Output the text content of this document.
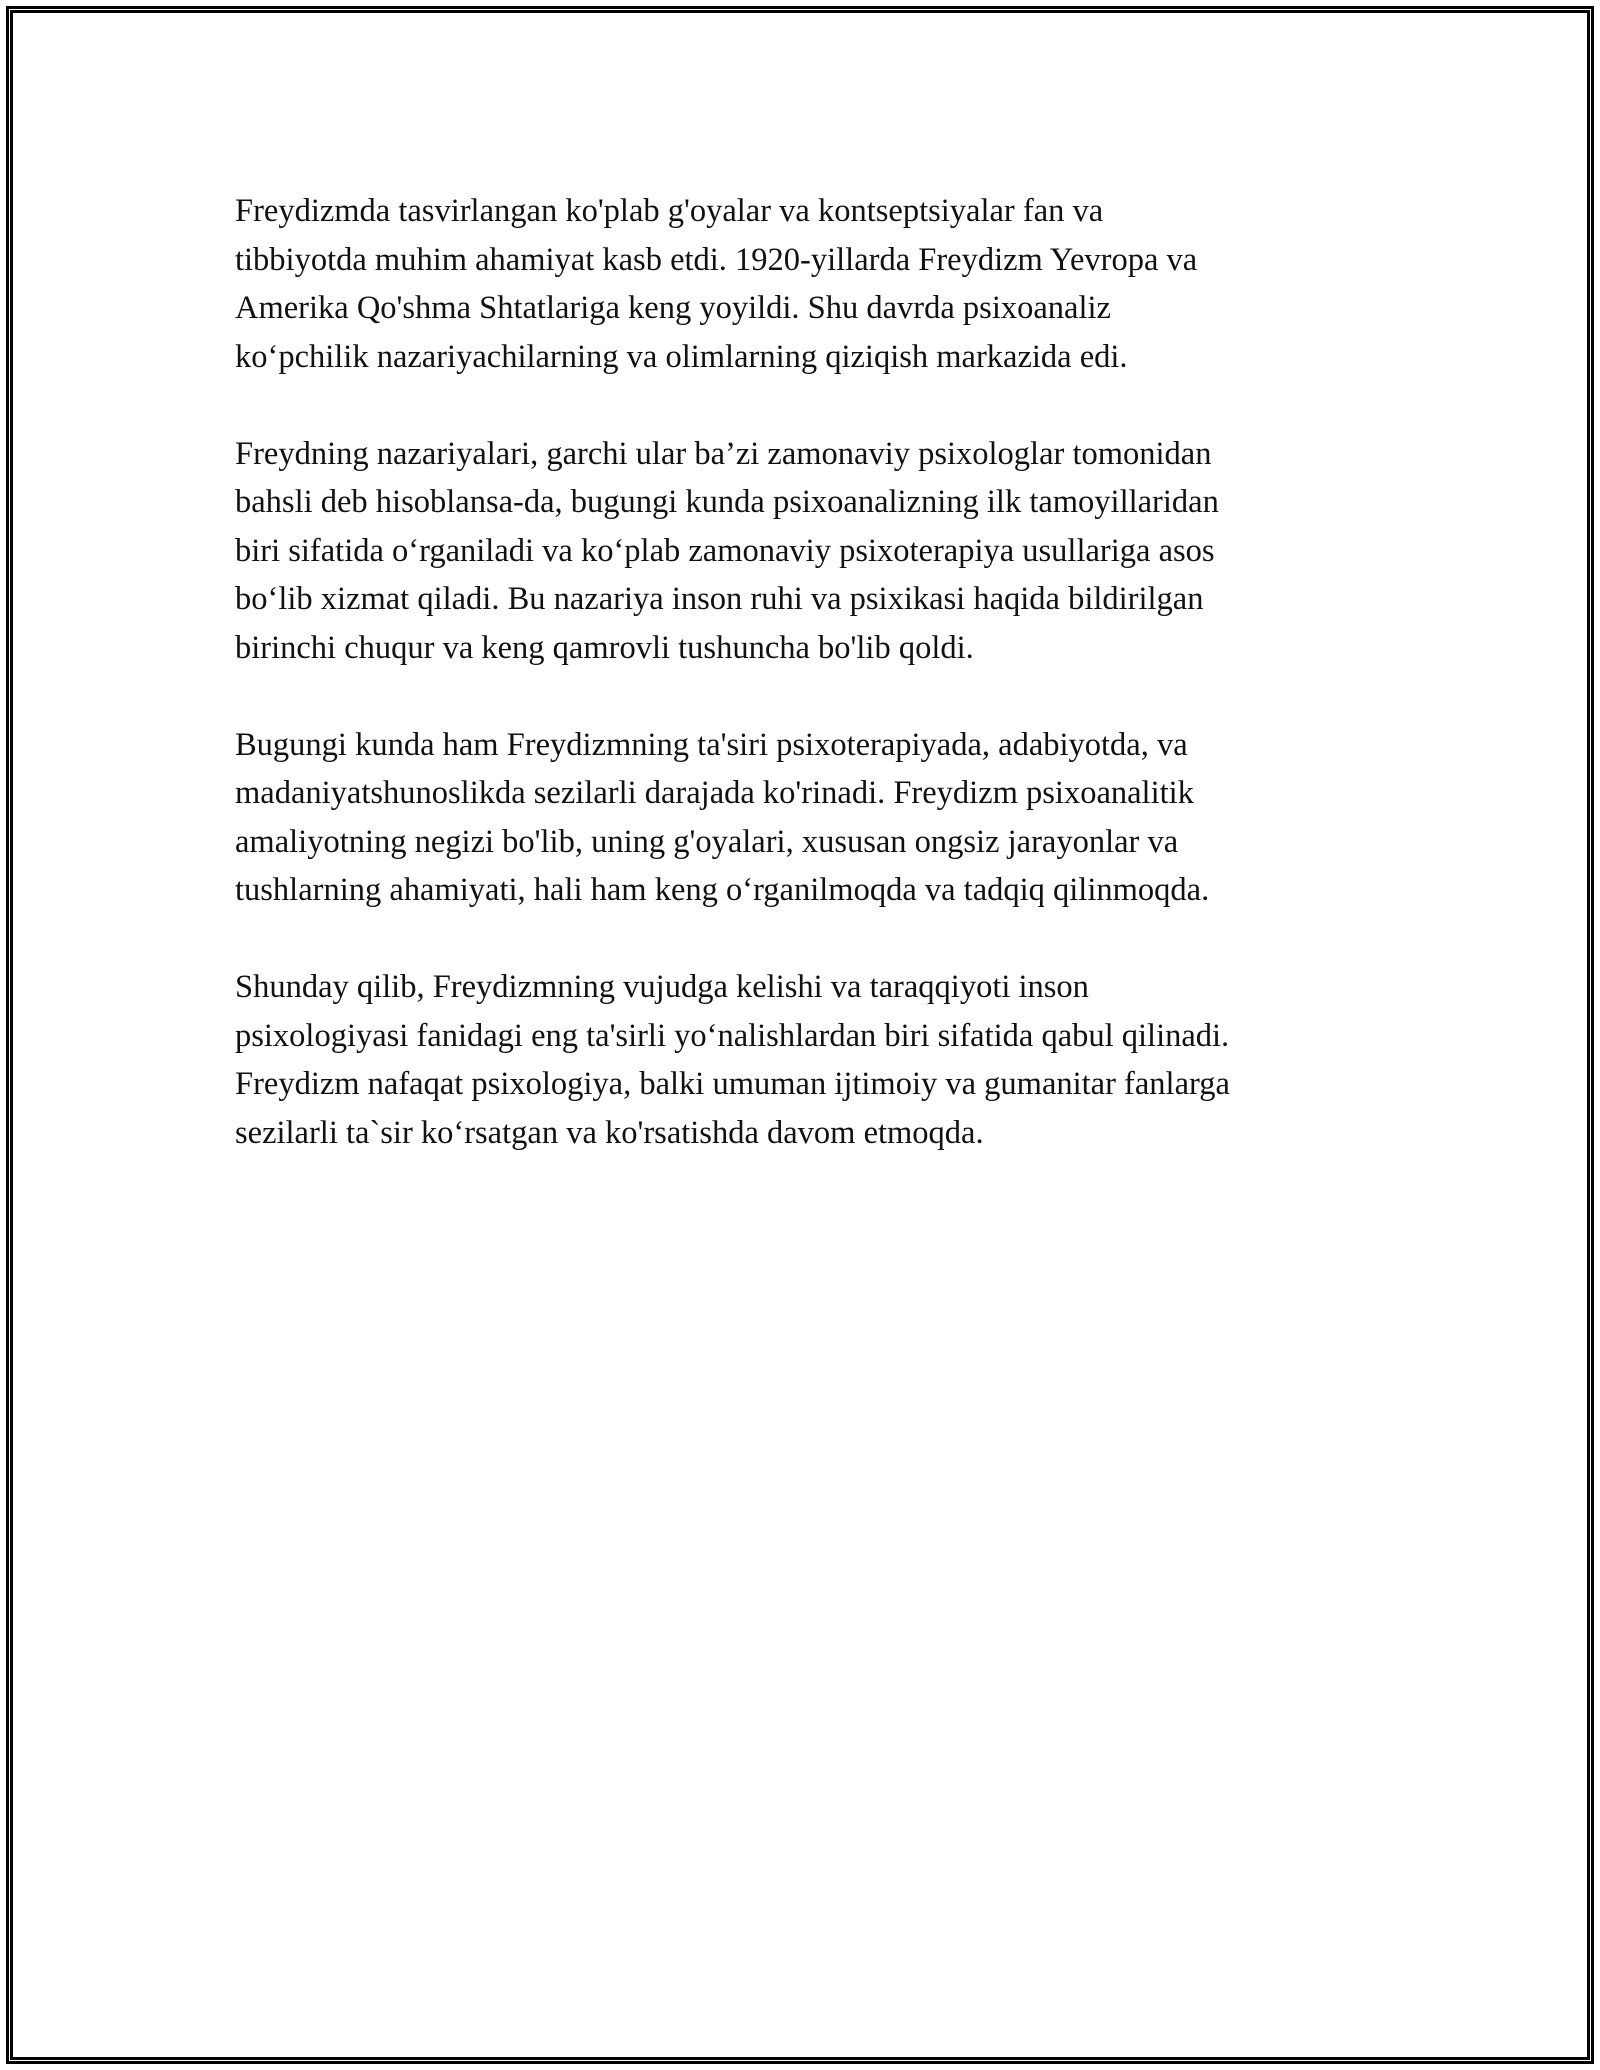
Freydizmda tasvirlangan ko'plab g'oyalar va kontseptsiyalar fan va
tibbiyotda muhim ahamiyat kasb etdi. 1920-yillarda Freydizm Yevropa va
Amerika Qo'shma Shtatlariga keng yoyildi. Shu davrda psixoanaliz
ko‘pchilik nazariyachilarning va olimlarning qiziqish markazida edi.

Freydning nazariyalari, garchi ular ba’zi zamonaviy psixologlar tomonidan
bahsli deb hisoblansa-da, bugungi kunda psixoanalizning ilk tamoyillaridan
biri sifatida o‘rganiladi va ko‘plab zamonaviy psixoterapiya usullariga asos
bo‘lib xizmat qiladi. Bu nazariya inson ruhi va psixikasi haqida bildirilgan
birinchi chuqur va keng qamrovli tushuncha bo'lib qoldi.

Bugungi kunda ham Freydizmning ta'siri psixoterapiyada, adabiyotda, va
madaniyatshunoslikda sezilarli darajada ko'rinadi. Freydizm psixoanalitik
amaliyotning negizi bo'lib, uning g'oyalari, xususan ongsiz jarayonlar va
tushlarning ahamiyati, hali ham keng o‘rganilmoqda va tadqiq qilinmoqda.

Shunday qilib, Freydizmning vujudga kelishi va taraqqiyoti inson
psixologiyasi fanidagi eng ta'sirli yo‘nalishlardan biri sifatida qabul qilinadi.
Freydizm nafaqat psixologiya, balki umuman ijtimoiy va gumanitar fanlarga
sezilarli ta`sir ko‘rsatgan va ko'rsatishda davom etmoqda.
